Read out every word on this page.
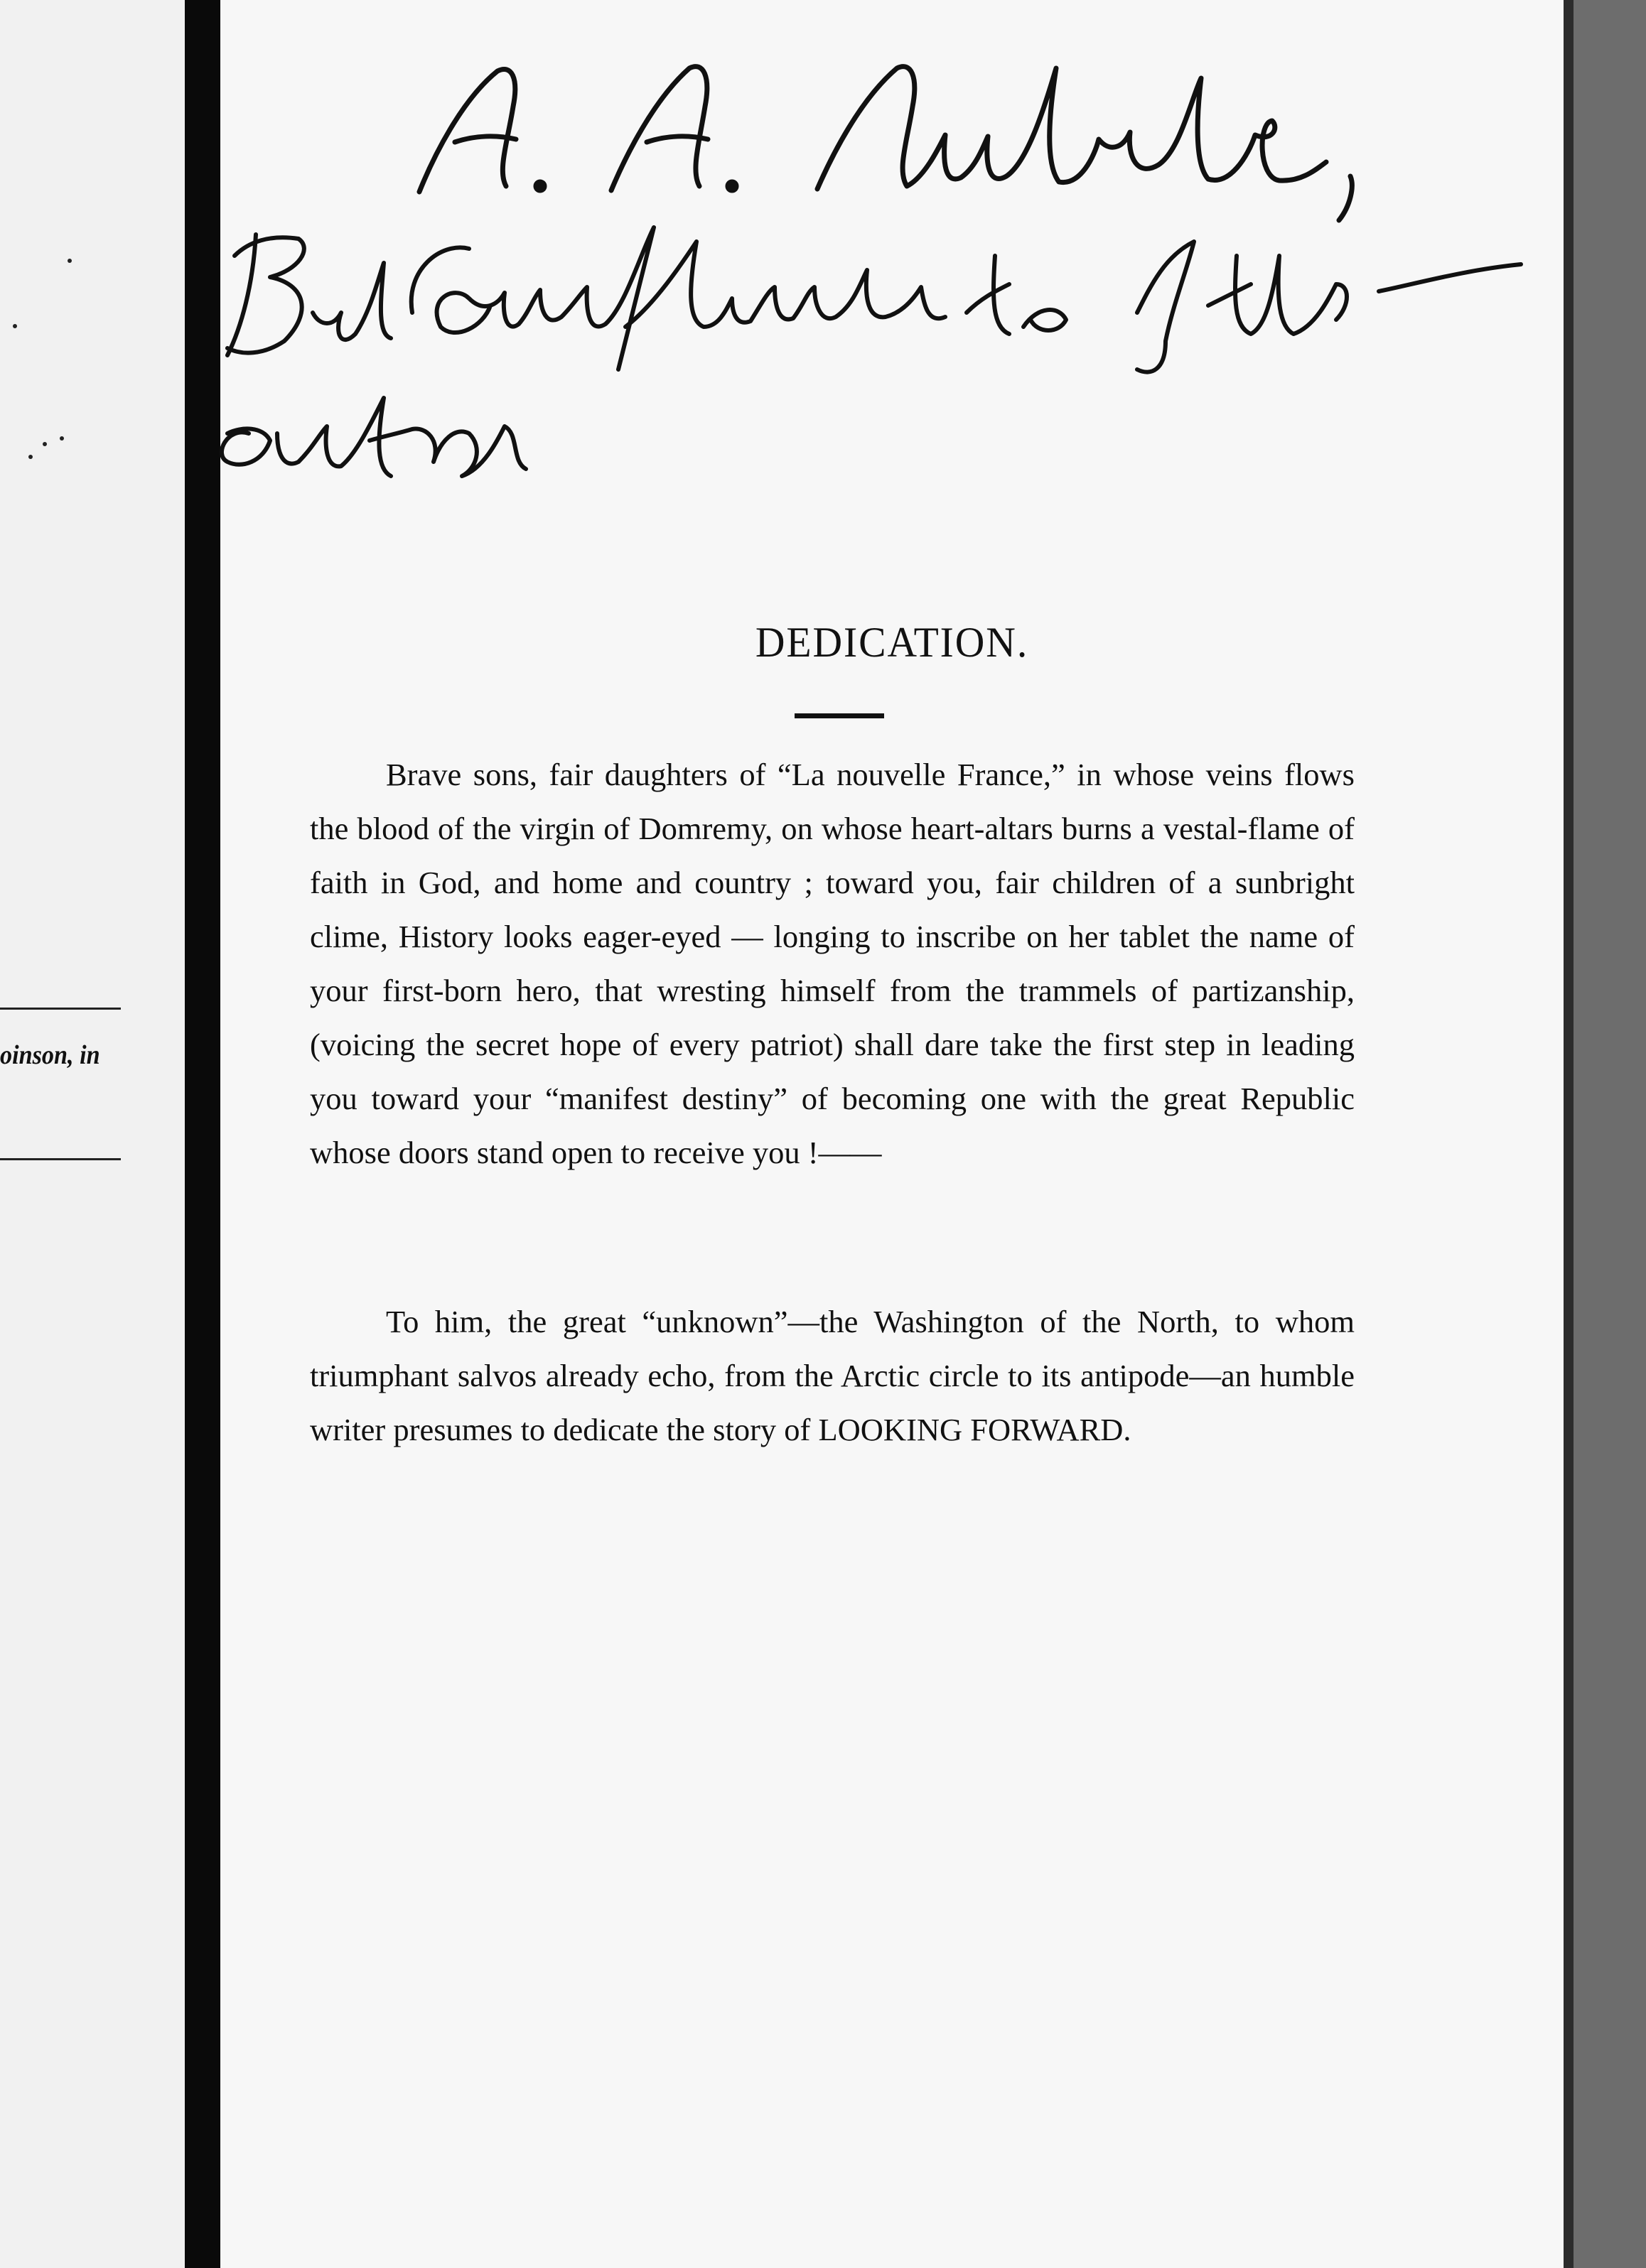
oinson, in
DEDICATION.
Brave sons, fair daughters of “La nouvelle France,” in whose veins flows the blood of the virgin of Domremy, on whose heart-altars burns a vestal-flame of faith in God, and home and country ; toward you, fair children of a sunbright clime, History looks eager-eyed — longing to inscribe on her tablet the name of your first-born hero, that wresting himself from the trammels of partizanship, (voicing the secret hope of every patriot) shall dare take the first step in leading you toward your “manifest destiny” of becoming one with the great Republic whose doors stand open to receive you !——
To him, the great “unknown”—the Washington of the North, to whom triumphant salvos already echo, from the Arctic circle to its antipode—an humble writer presumes to dedicate the story of LOOKING FORWARD.
